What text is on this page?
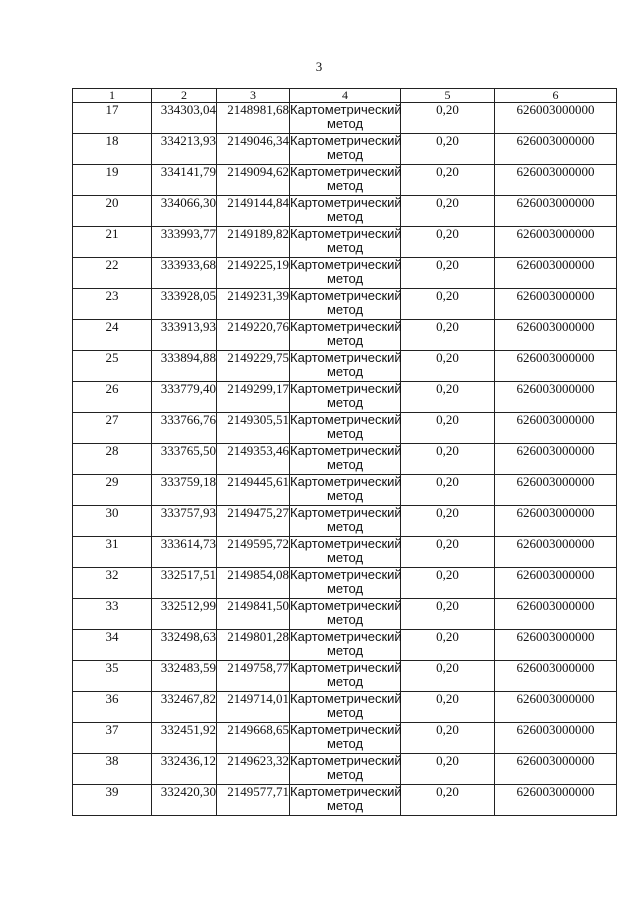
3
1	2	3	4	5	6
17	334303,04	2148981,68	Картометрический метод	0,20	626003000000
18	334213,93	2149046,34	Картометрический метод	0,20	626003000000
19	334141,79	2149094,62	Картометрический метод	0,20	626003000000
20	334066,30	2149144,84	Картометрический метод	0,20	626003000000
21	333993,77	2149189,82	Картометрический метод	0,20	626003000000
22	333933,68	2149225,19	Картометрический метод	0,20	626003000000
23	333928,05	2149231,39	Картометрический метод	0,20	626003000000
24	333913,93	2149220,76	Картометрический метод	0,20	626003000000
25	333894,88	2149229,75	Картометрический метод	0,20	626003000000
26	333779,40	2149299,17	Картометрический метод	0,20	626003000000
27	333766,76	2149305,51	Картометрический метод	0,20	626003000000
28	333765,50	2149353,46	Картометрический метод	0,20	626003000000
29	333759,18	2149445,61	Картометрический метод	0,20	626003000000
30	333757,93	2149475,27	Картометрический метод	0,20	626003000000
31	333614,73	2149595,72	Картометрический метод	0,20	626003000000
32	332517,51	2149854,08	Картометрический метод	0,20	626003000000
33	332512,99	2149841,50	Картометрический метод	0,20	626003000000
34	332498,63	2149801,28	Картометрический метод	0,20	626003000000
35	332483,59	2149758,77	Картометрический метод	0,20	626003000000
36	332467,82	2149714,01	Картометрический метод	0,20	626003000000
37	332451,92	2149668,65	Картометрический метод	0,20	626003000000
38	332436,12	2149623,32	Картометрический метод	0,20	626003000000
39	332420,30	2149577,71	Картометрический метод	0,20	626003000000
